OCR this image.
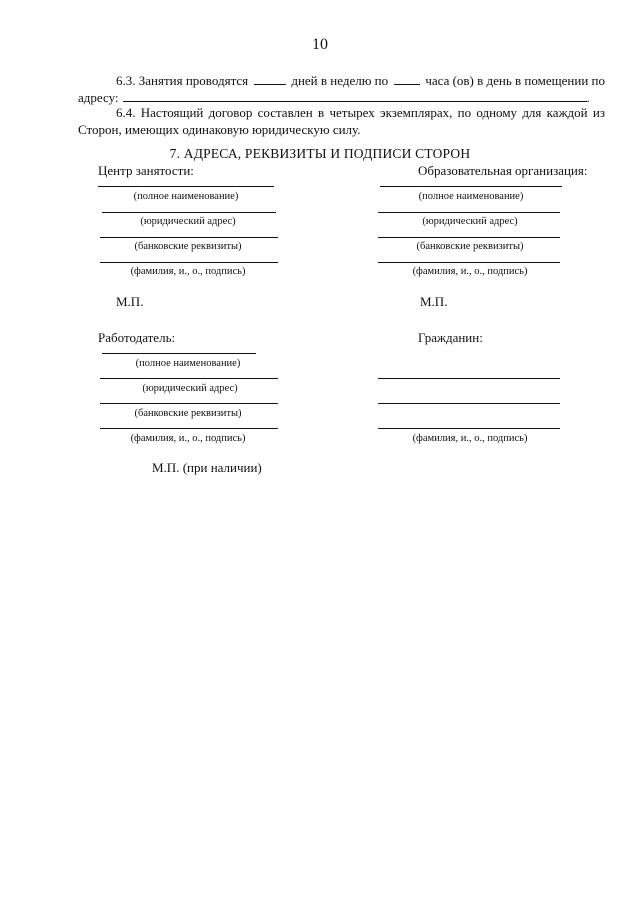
10
6.3. Занятия проводятся	дней в неделю по	часа (ов) в день в помещении по
адресу:	.
6.4. Настоящий договор составлен в четырех экземплярах, по одному для каждой из
Сторон, имеющих одинаковую юридическую силу.
7. АДРЕСА, РЕКВИЗИТЫ И ПОДПИСИ СТОРОН
Центр занятости:
(полное наименование)
(юридический адрес)
(банковские реквизиты)
(фамилия, и., о., подпись)
М.П.
Образовательная организация:
(полное наименование)
(юридический адрес)
(банковские реквизиты)
(фамилия, и., о., подпись)
М.П.
Работодатель:
(полное наименование)
(юридический адрес)
(банковские реквизиты)
(фамилия, и., о., подпись)
М.П. (при наличии)
Гражданин:
(фамилия, и., о., подпись)
